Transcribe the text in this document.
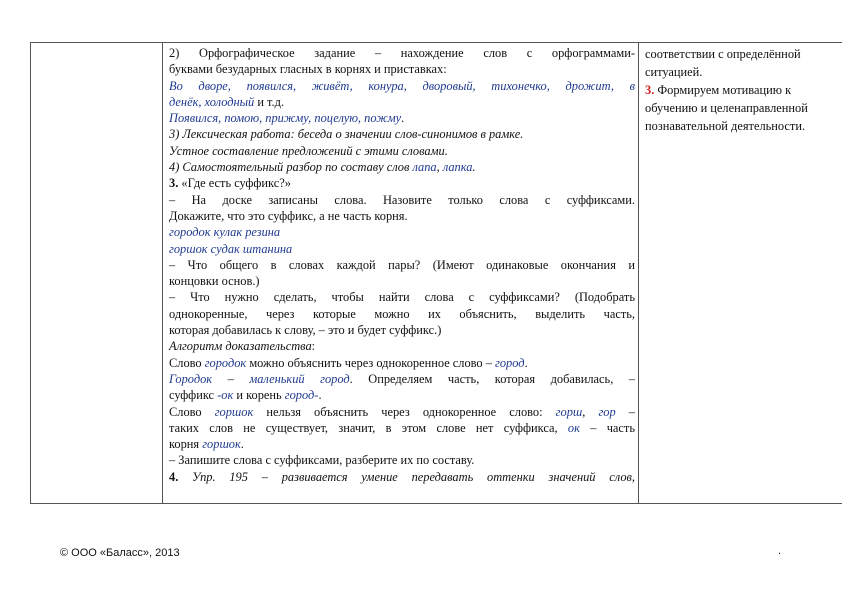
2) Орфографическое задание – нахождение слов с орфограммами-

буквами безударных гласных в корнях и приставках:

Во дворе, появился, живёт, конура, дворовый, тихонечко, дрожит, в

денёк, холодный и т.д.

Появился, помою, прижму, поцелую, пожму.

3) Лексическая работа: беседа о значении слов-синонимов в рамке.

Устное составление предложений с этими словами.

4) Самостоятельный разбор по составу слов лапа, лапка.

3. «Где есть суффикс?»

– На доске записаны слова. Назовите только слова с суффиксами.

Докажите, что это суффикс, а не часть корня.

городок кулак резина

горшок судак штанина

– Что общего в словах каждой пары? (Имеют одинаковые окончания и

концовки основ.)

– Что нужно сделать, чтобы найти слова с суффиксами? (Подобрать

однокоренные, через которые можно их объяснить, выделить часть,

которая добавилась к слову, – это и будет суффикс.)

Алгоритм доказательства:

Слово городок можно объяснить через однокоренное слово – город.

Городок – маленький город. Определяем часть, которая добавилась, –

суффикс -ок и корень город-.

Слово горшок нельзя объяснить через однокоренное слово: горш, гор –

таких слов не существует, значит, в этом слове нет суффикса, ок – часть

корня горшок.

– Запишите слова с суффиксами, разберите их по составу.

4. Упр. 195 – развивается умение передавать оттенки значений слов,

соответствии с определённой

ситуацией.

3. Формируем мотивацию к

обучению и целенаправленной

познавательной деятельности.

© ООО «Баласс», 2013	.
